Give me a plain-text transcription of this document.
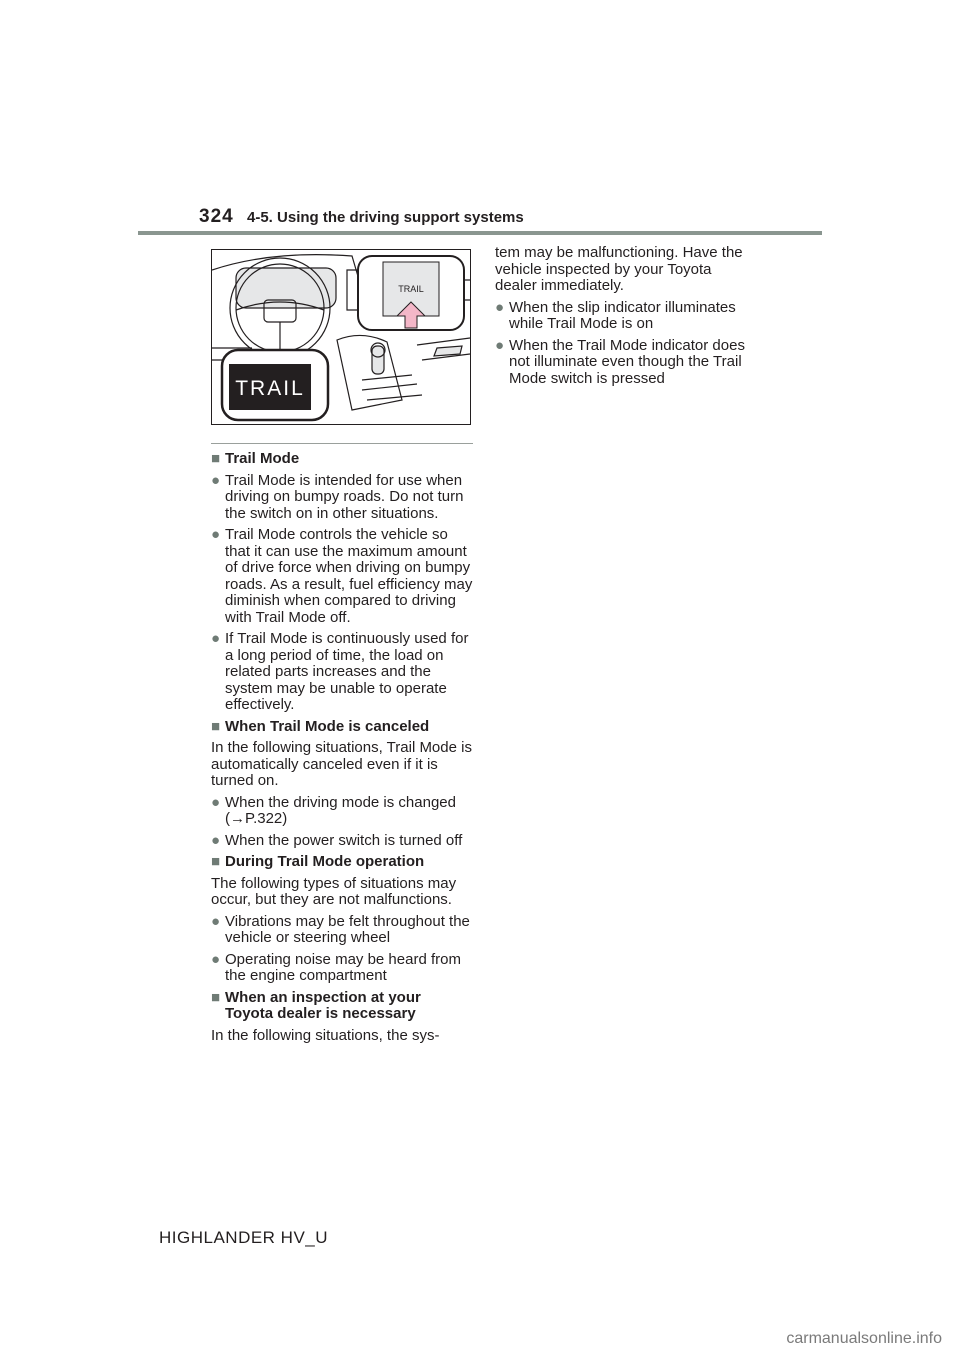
324 4-5. Using the driving support systems
TRAIL
TRAIL
■ Trail Mode
● Trail Mode is intended for use when driving on bumpy roads. Do not turn the switch on in other situations.
● Trail Mode controls the vehicle so that it can use the maximum amount of drive force when driving on bumpy roads. As a result, fuel efficiency may diminish when compared to driving with Trail Mode off.
● If Trail Mode is continuously used for a long period of time, the load on related parts increases and the system may be unable to operate effectively.
■ When Trail Mode is canceled
In the following situations, Trail Mode is automatically canceled even if it is turned on.
● When the driving mode is changed (→P.322)
● When the power switch is turned off
■ During Trail Mode operation
The following types of situations may occur, but they are not malfunctions.
● Vibrations may be felt throughout the vehicle or steering wheel
● Operating noise may be heard from the engine compartment
■ When an inspection at your Toyota dealer is necessary
In the following situations, the sys-
tem may be malfunctioning. Have the vehicle inspected by your Toyota dealer immediately.
● When the slip indicator illuminates while Trail Mode is on
● When the Trail Mode indicator does not illuminate even though the Trail Mode switch is pressed
HIGHLANDER HV_U
carmanualsonline.info
